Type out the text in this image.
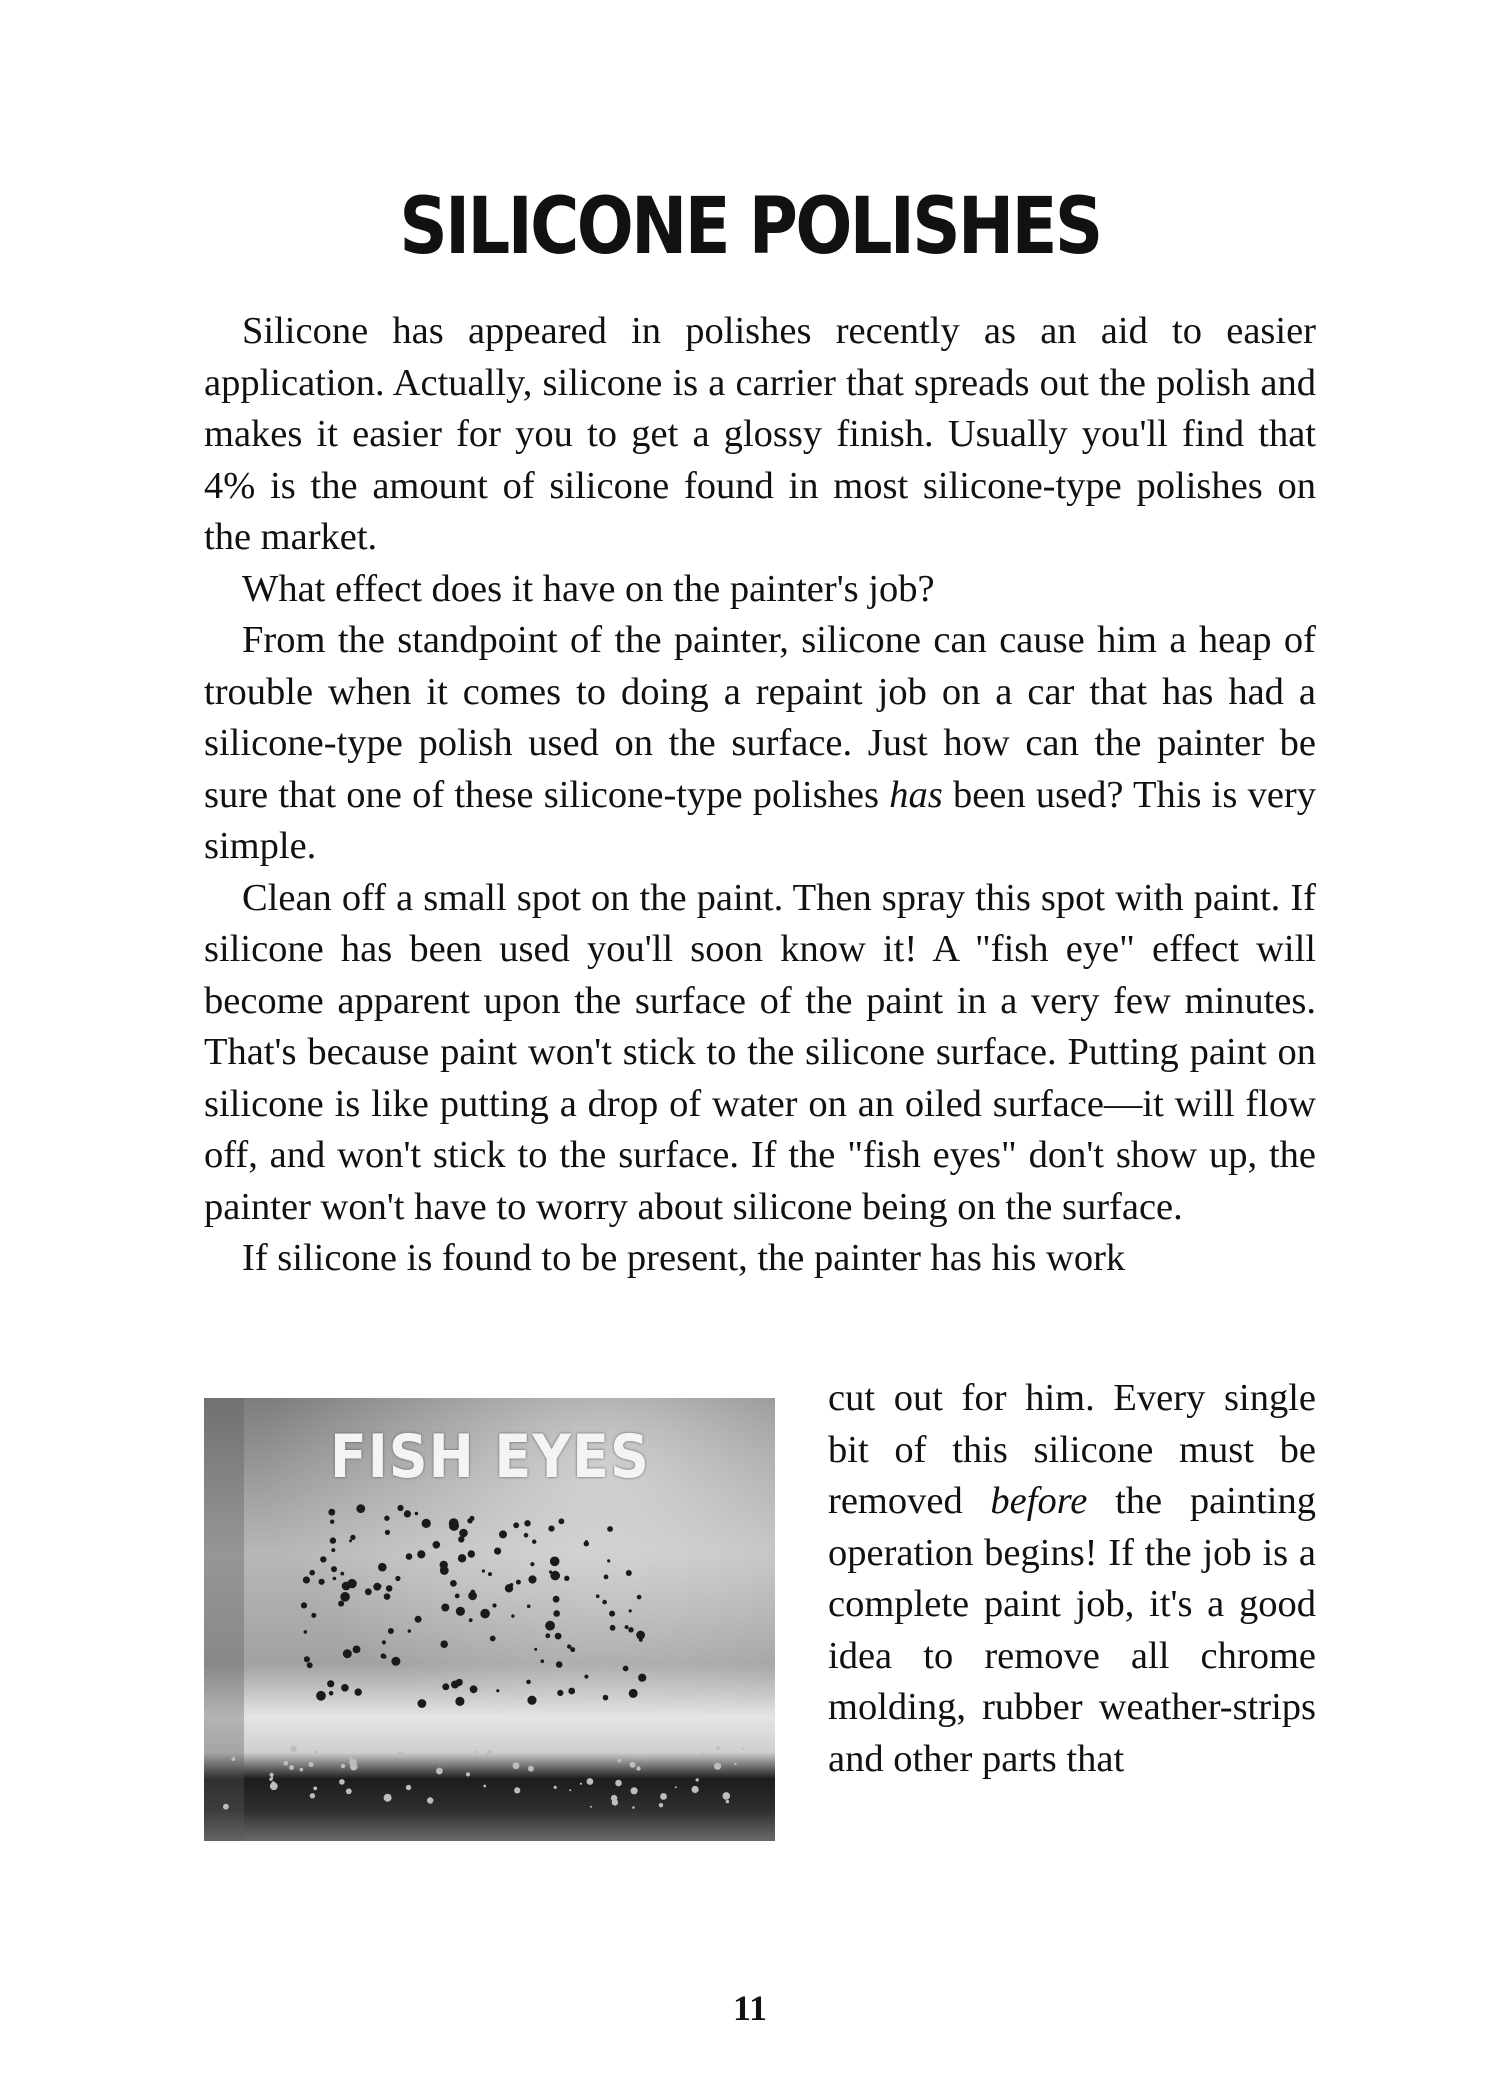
SILICONE POLISHES

Silicone has appeared in polishes recently as an aid to easier application. Actually, silicone is a carrier that spreads out the polish and makes it easier for you to get a glossy finish. Usually you'll find that 4% is the amount of silicone found in most silicone-type polishes on the market.

What effect does it have on the painter's job?

From the standpoint of the painter, silicone can cause him a heap of trouble when it comes to doing a repaint job on a car that has had a silicone-type polish used on the surface. Just how can the painter be sure that one of these silicone-type polishes has been used? This is very simple.

Clean off a small spot on the paint. Then spray this spot with paint. If silicone has been used you'll soon know it! A "fish eye" effect will become apparent upon the surface of the paint in a very few minutes. That's because paint won't stick to the silicone surface. Putting paint on silicone is like putting a drop of water on an oiled surface—it will flow off, and won't stick to the surface. If the "fish eyes" don't show up, the painter won't have to worry about silicone being on the surface.

If silicone is found to be present, the painter has his work

FISH EYES

cut out for him. Every single bit of this silicone must be removed before the painting operation begins! If the job is a complete paint job, it's a good idea to remove all chrome molding, rubber weather-strips and other parts that

11
